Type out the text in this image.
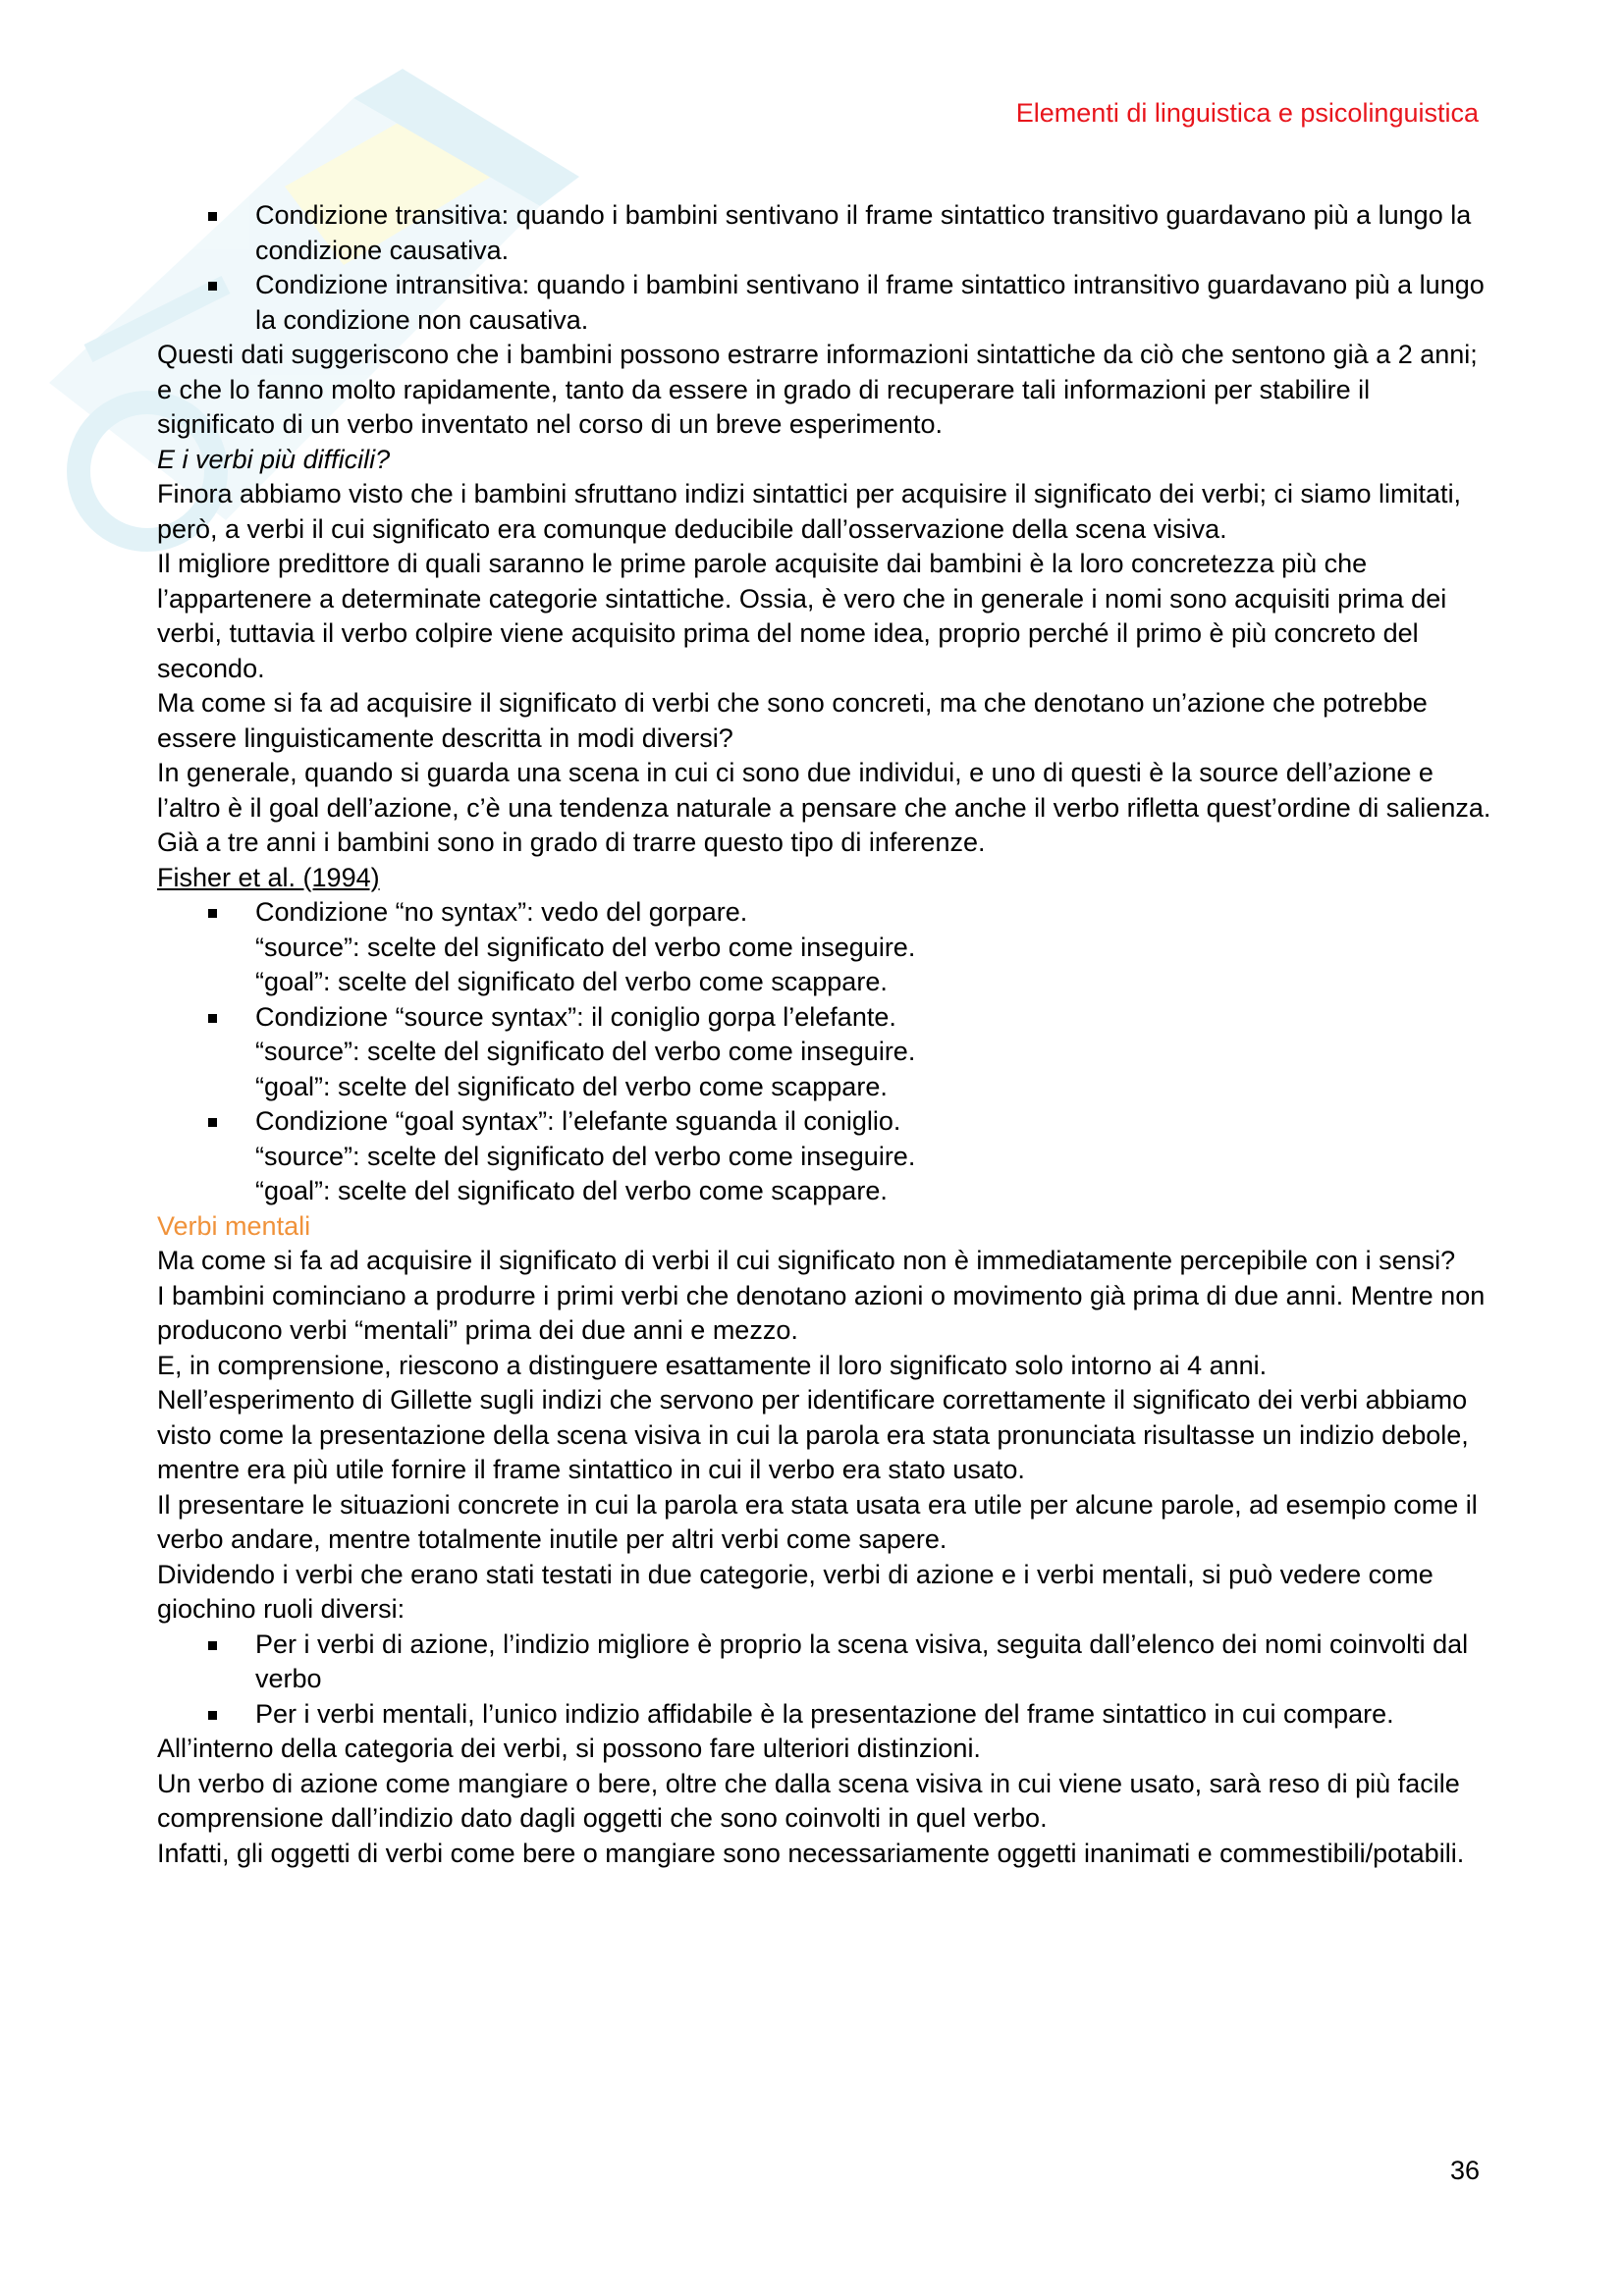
Elementi di linguistica e psicolinguistica
Condizione transitiva: quando i bambini sentivano il frame sintattico transitivo guardavano più a lungo la condizione causativa.
Condizione intransitiva: quando i bambini sentivano il frame sintattico intransitivo guardavano più a lungo la condizione non causativa.

Questi dati suggeriscono che i bambini possono estrarre informazioni sintattiche da ciò che sentono già a 2 anni; e che lo fanno molto rapidamente, tanto da essere in grado di recuperare tali informazioni per stabilire il significato di un verbo inventato nel corso di un breve esperimento.

E i verbi più difficili?

Finora abbiamo visto che i bambini sfruttano indizi sintattici per acquisire il significato dei verbi; ci siamo limitati, però, a verbi il cui significato era comunque deducibile dall’osservazione della scena visiva.

Il migliore predittore di quali saranno le prime parole acquisite dai bambini è la loro concretezza più che l’appartenere a determinate categorie sintattiche. Ossia, è vero che in generale i nomi sono acquisiti prima dei verbi, tuttavia il verbo colpire viene acquisito prima del nome idea, proprio perché il primo è più concreto del secondo.

Ma come si fa ad acquisire il significato di verbi che sono concreti, ma che denotano un’azione che potrebbe essere linguisticamente descritta in modi diversi?

In generale, quando si guarda una scena in cui ci sono due individui, e uno di questi è la source dell’azione e l’altro è il goal dell’azione, c’è una tendenza naturale a pensare che anche il verbo rifletta quest’ordine di salienza.

Già a tre anni i bambini sono in grado di trarre questo tipo di inferenze.

Fisher et al. (1994)

Condizione “no syntax”: vedo del gorpare.
“source”: scelte del significato del verbo come inseguire.
“goal”: scelte del significato del verbo come scappare.
Condizione “source syntax”: il coniglio gorpa l’elefante.
“source”: scelte del significato del verbo come inseguire.
“goal”: scelte del significato del verbo come scappare.
Condizione “goal syntax”: l’elefante sguanda il coniglio.
“source”: scelte del significato del verbo come inseguire.
“goal”: scelte del significato del verbo come scappare.

Verbi mentali

Ma come si fa ad acquisire il significato di verbi il cui significato non è immediatamente percepibile con i sensi?

I bambini cominciano a produrre i primi verbi che denotano azioni o movimento già prima di due anni. Mentre non producono verbi “mentali” prima dei due anni e mezzo.

E, in comprensione, riescono a distinguere esattamente il loro significato solo intorno ai 4 anni.

Nell’esperimento di Gillette sugli indizi che servono per identificare correttamente il significato dei verbi abbiamo visto come la presentazione della scena visiva in cui la parola era stata pronunciata risultasse un indizio debole, mentre era più utile fornire il frame sintattico in cui il verbo era stato usato.

Il presentare le situazioni concrete in cui la parola era stata usata era utile per alcune parole, ad esempio come il verbo andare, mentre totalmente inutile per altri verbi come sapere.

Dividendo i verbi che erano stati testati in due categorie, verbi di azione e i verbi mentali, si può vedere come giochino ruoli diversi:

Per i verbi di azione, l’indizio migliore è proprio la scena visiva, seguita dall’elenco dei nomi coinvolti dal verbo
Per i verbi mentali, l’unico indizio affidabile è la presentazione del frame sintattico in cui compare.

All’interno della categoria dei verbi, si possono fare ulteriori distinzioni.

Un verbo di azione come mangiare o bere, oltre che dalla scena visiva in cui viene usato, sarà reso di più facile comprensione dall’indizio dato dagli oggetti che sono coinvolti in quel verbo.

Infatti, gli oggetti di verbi come bere o mangiare sono necessariamente oggetti inanimati e commestibili/potabili.

36
